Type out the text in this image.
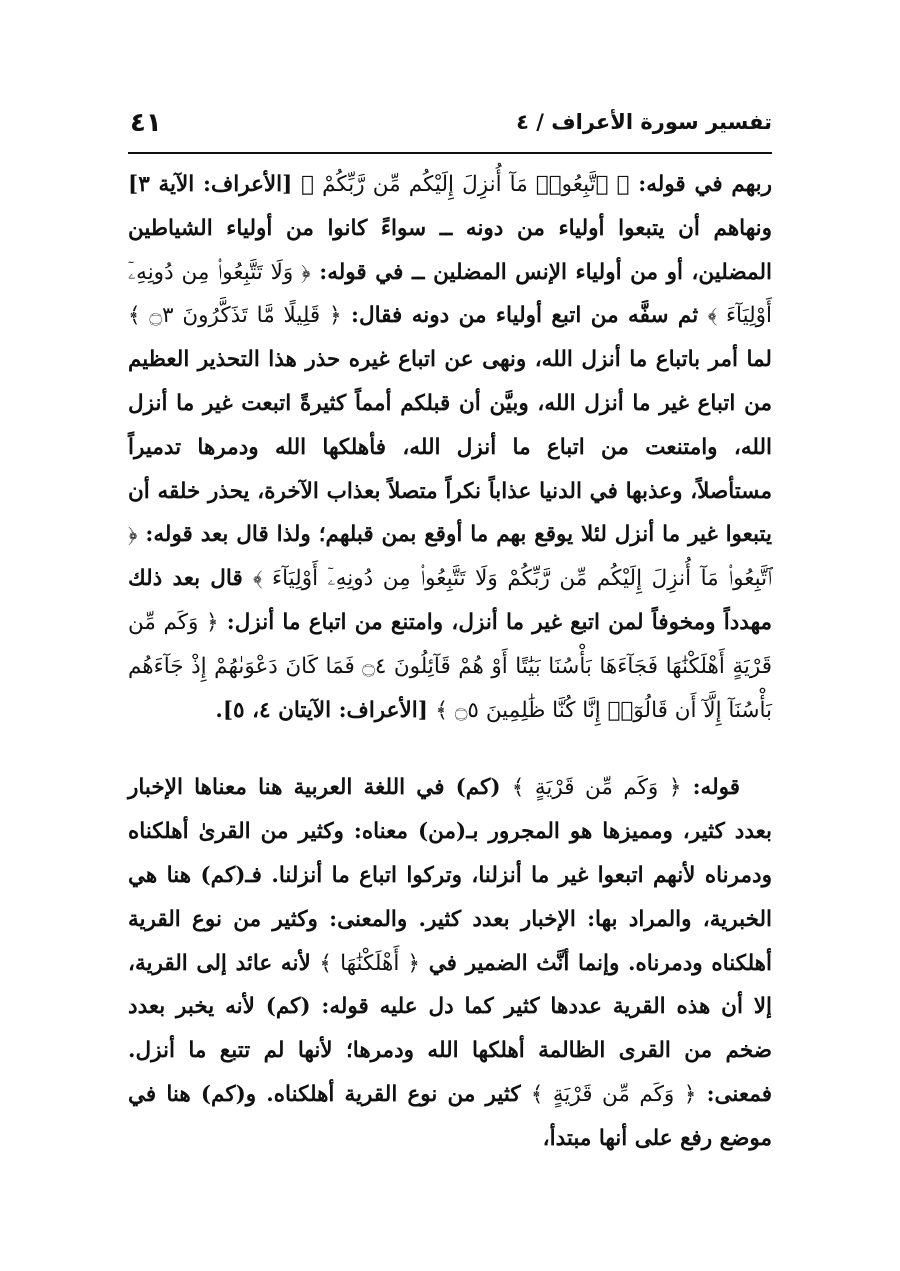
تفسير سورة الأعراف / ٤
٤١

ربهم في قوله: ﴿ ٱتَّبِعُوا۟ مَآ أُنزِلَ إِلَيْكُم مِّن رَّبِّكُمْ ﴾ [الأعراف: الآية ٣] ونهاهم أن يتبعوا أولياء من دونه ــ سواءً كانوا من أولياء الشياطين المضلين، أو من أولياء الإنس المضلين ــ في قوله: ﴿ وَلَا تَتَّبِعُوا۟ مِن دُونِهِۦٓ أَوْلِيَآءَ ﴾ ثم سفَّه من اتبع أولياء من دونه فقال: ﴿ قَلِيلًا مَّا تَذَكَّرُونَ ۝٣ ﴾ لما أمر باتباع ما أنزل الله، ونهى عن اتباع غيره حذر هذا التحذير العظيم من اتباع غير ما أنزل الله، وبيَّن أن قبلكم أمماً كثيرةً اتبعت غير ما أنزل الله، وامتنعت من اتباع ما أنزل الله، فأهلكها الله ودمرها تدميراً مستأصلاً، وعذبها في الدنيا عذاباً نكراً متصلاً بعذاب الآخرة، يحذر خلقه أن يتبعوا غير ما أنزل لئلا يوقع بهم ما أوقع بمن قبلهم؛ ولذا قال بعد قوله: ﴿ ٱتَّبِعُوا۟ مَآ أُنزِلَ إِلَيْكُم مِّن رَّبِّكُمْ وَلَا تَتَّبِعُوا۟ مِن دُونِهِۦٓ أَوْلِيَآءَ ﴾ قال بعد ذلك مهدداً ومخوفاً لمن اتبع غير ما أنزل، وامتنع من اتباع ما أنزل: ﴿ وَكَم مِّن قَرْيَةٍ أَهْلَكْنَٰهَا فَجَآءَهَا بَأْسُنَا بَيَٰتًا أَوْ هُمْ قَآئِلُونَ ۝٤ فَمَا كَانَ دَعْوَىٰهُمْ إِذْ جَآءَهُم بَأْسُنَآ إِلَّآ أَن قَالُوٓا۟ إِنَّا كُنَّا ظَٰلِمِينَ ۝٥ ﴾ [الأعراف: الآيتان ٤، ٥].

قوله: ﴿ وَكَم مِّن قَرْيَةٍ ﴾ (كم) في اللغة العربية هنا معناها الإخبار بعدد كثير، ومميزها هو المجرور بـ(من) معناه: وكثير من القرىٰ أهلكناه ودمرناه لأنهم اتبعوا غير ما أنزلنا، وتركوا اتباع ما أنزلنا. فـ(كم) هنا هي الخبرية، والمراد بها: الإخبار بعدد كثير. والمعنى: وكثير من نوع القرية أهلكناه ودمرناه. وإنما أنَّث الضمير في ﴿ أَهْلَكْنَٰهَا ﴾ لأنه عائد إلى القرية، إلا أن هذه القرية عددها كثير كما دل عليه قوله: (كم) لأنه يخبر بعدد ضخم من القرى الظالمة أهلكها الله ودمرها؛ لأنها لم تتبع ما أنزل. فمعنى: ﴿ وَكَم مِّن قَرْيَةٍ ﴾ كثير من نوع القرية أهلكناه. و(كم) هنا في موضع رفع على أنها مبتدأ،
